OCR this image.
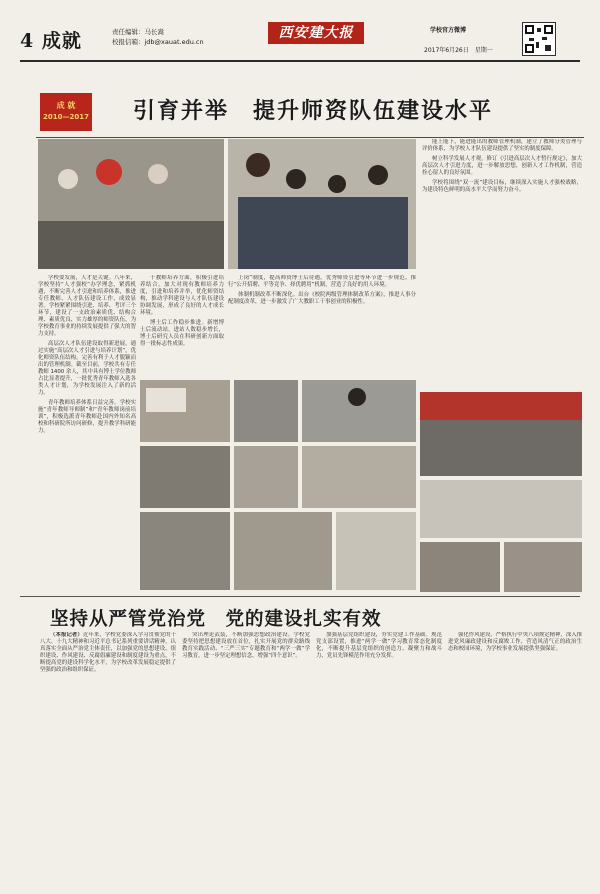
4 成就	责任编辑：马长嵩
校报信箱：jdb@xauat.edu.cn
西安建大报	学校官方微博
2017年6月26日　星期一
成 就
2010—2017 引育并举　提升师资队伍建设水平

学校要发展，人才是关键。八年来，学校坚持“人才强校”办学理念，紧抓机遇，不断完善人才引进和培养体系，推进专任教师、人才队伍建设工作，成效显著。学校紧紧围绕引进、培养、考评三个环节，建设了一支政治素质优、结构合理、素质优良、实力雄厚的师资队伍，为学校教育事业的持续发展提供了强大的智力支持。

高层次人才队伍建设取得新进展。通过实施“高层次人才引进与培养计划”，优化师资队伍结构，完善有利于人才脱颖而出的管理机制。截至目前，学校共有专任教师 1400 余人，其中具有博士学位教师占比显著提升，一批优秀青年教师入选各类人才计划，为学校发展注入了新的活力。

青年教师培养体系日益完善。学校实施“青年教师导师制”和“青年教师岗前培训”，积极选派青年教师赴国内外知名高校和科研院所访问研修，提升教学科研能力。

干教师培养方面，积极引进培养结合。加大对现有教师培养力度，引进和培养并举，优化师资结构，推动学科建设与人才队伍建设协调发展，形成了良好的人才成长环境。

博士后工作稳步推进。新增博士后流动站，进站人数稳步增长，博士后研究人员在科研创新方面取得一批标志性成果。

上岗”制度，提高师资博士后待遇，优秀师资引进等环节进一步规范。推行“公开招聘、平等竞争、择优聘用”机制，营造了良好的用人环境。

体制机制改革不断深化。出台《校院两级管理体制改革方案》，推进人事分配制度改革，进一步激发了广大教职工干事创业的积极性。

能上能下，能进能出的教师管理机制，建立了教师分类管理与评价体系，为学校人才队伍建设提供了坚实的制度保障。

树立科学发展人才观，修订《引进高层次人才暂行规定》，加大高层次人才引进力度，进一步解放思想，创新人才工作机制，营造拴心留人的良好氛围。

学校将围绕“双一流”建设目标，继续深入实施人才强校战略，为建设特色鲜明的高水平大学而努力奋斗。

坚持从严管党治党　党的建设扎实有效

（本报记者）近年来，学校党委深入学习贯彻党的十八大、十九大精神和习近平总书记系列重要讲话精神，认真落实全面从严治党主体责任，以加强党的思想建设、组织建设、作风建设、反腐倡廉建设和制度建设为重点，不断提高党的建设科学化水平，为学校改革发展稳定提供了坚强的政治和组织保证。

突出理论武装，不断加强思想政治建设。学校党委坚持把思想建设放在首位，扎实开展党的群众路线教育实践活动、“三严三实”专题教育和“两学一做”学习教育，进一步坚定理想信念，增强“四个意识”。

加强基层党组织建设，夯实党建工作基础。规范党支部设置，推进“两学一做”学习教育常态化制度化，不断提升基层党组织的创造力、凝聚力和战斗力，党员先锋模范作用充分发挥。

强化作风建设，严格执行中央八项规定精神，深入推进党风廉政建设和反腐败工作，营造风清气正的政治生态和校园环境，为学校事业发展提供坚强保证。
